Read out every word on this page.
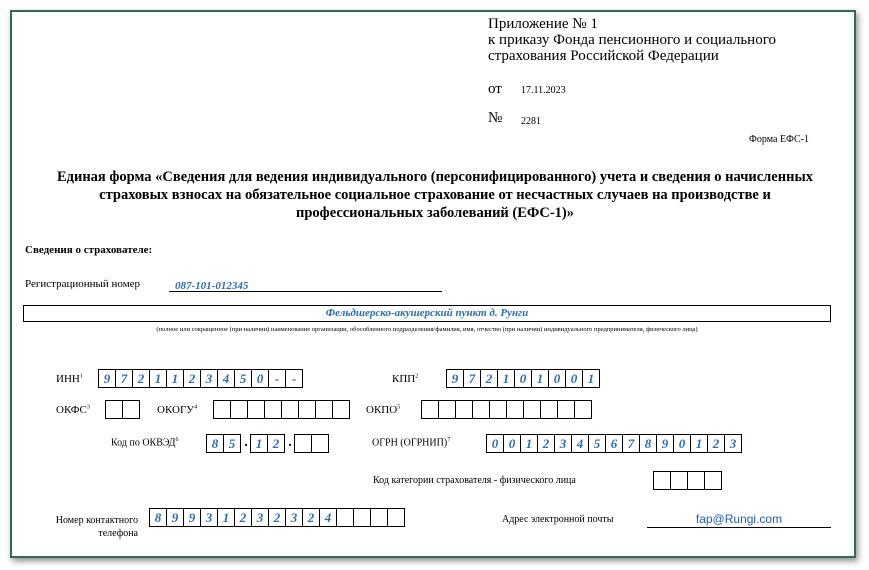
Приложение № 1
к приказу Фонда пенсионного и социального
страхования Российской Федерации
от 17.11.2023
№ 2281
Форма ЕФС-1
Единая форма «Сведения для ведения индивидуального (персонифицированного) учета и сведения о начисленных страховых взносах на обязательное социальное страхование от несчастных случаев на производстве и профессиональных заболеваний (ЕФС-1)»
Сведения о страхователе:
Регистрационный номер	087-101-012345
Фельдшерско-акушерский пункт д. Рунги
(полное или сокращенное (при наличии) наименование организации, обособленного подразделения/фамилия, имя, отчество (при наличии) индивидуального предпринимателя, физического лица)
ИНН$^1$	9 7 2 1 1 2 3 4 5 0 - -	КПП$^2$	9 7 2 1 0 1 0 0 1
ОКФС$^3$	ОКОГУ$^4$	ОКПО$^5$
Код по ОКВЭД$^6$	8 5 . 1 2 .	ОГРН (ОГРНИП)$^7$	0 0 1 2 3 4 5 6 7 8 9 0 1 2 3
Код категории страхователя - физического лица
Номер контактного
телефона
8 9 9 3 1 2 3 2 3 2 4	Адрес электронной почты	fap@Rungi.com
